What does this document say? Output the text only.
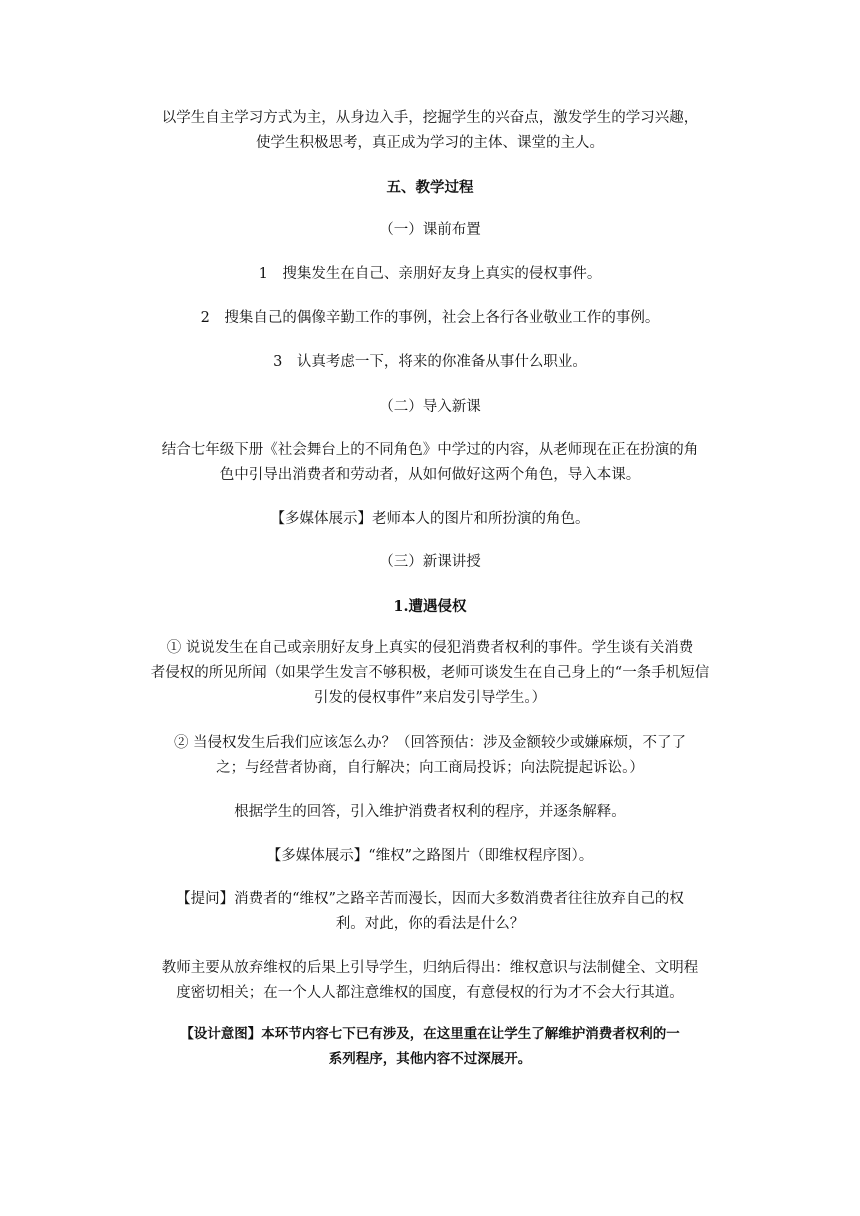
以学生自主学习方式为主，从身边入手，挖掘学生的兴奋点，激发学生的学习兴趣，
使学生积极思考，真正成为学习的主体、课堂的主人。

五、教学过程

（一）课前布置

1　搜集发生在自己、亲朋好友身上真实的侵权事件。

2　搜集自己的偶像辛勤工作的事例，社会上各行各业敬业工作的事例。

3　认真考虑一下，将来的你准备从事什么职业。

（二）导入新课

结合七年级下册《社会舞台上的不同角色》中学过的内容，从老师现在正在扮演的角
色中引导出消费者和劳动者，从如何做好这两个角色，导入本课。

【多媒体展示】老师本人的图片和所扮演的角色。

（三）新课讲授

1.遭遇侵权

① 说说发生在自己或亲朋好友身上真实的侵犯消费者权利的事件。学生谈有关消费
者侵权的所见所闻（如果学生发言不够积极，老师可谈发生在自己身上的“一条手机短信
引发的侵权事件”来启发引导学生。）

② 当侵权发生后我们应该怎么办？（回答预估：涉及金额较少或嫌麻烦，不了了
之；与经营者协商，自行解决；向工商局投诉；向法院提起诉讼。）

根据学生的回答，引入维护消费者权利的程序，并逐条解释。

【多媒体展示】“维权”之路图片（即维权程序图）。

【提问】消费者的“维权”之路辛苦而漫长，因而大多数消费者往往放弃自己的权
利。对此，你的看法是什么？

教师主要从放弃维权的后果上引导学生，归纳后得出：维权意识与法制健全、文明程
度密切相关；在一个人人都注意维权的国度，有意侵权的行为才不会大行其道。

【设计意图】本环节内容七下已有涉及，在这里重在让学生了解维护消费者权利的一
系列程序，其他内容不过深展开。
